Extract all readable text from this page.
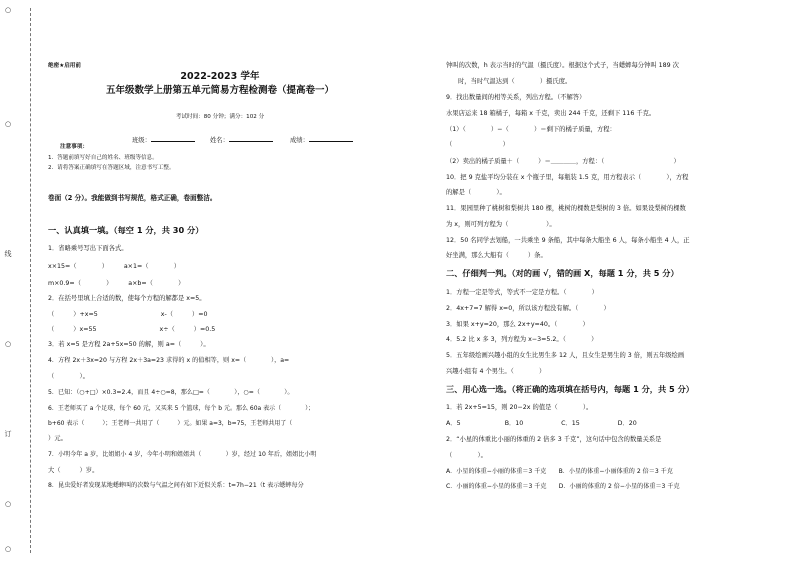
○
○
线
○
订
○
○
绝密★启用前
2022-2023 学年
五年级数学上册第五单元简易方程检测卷（提高卷一）
考试时间：80 分钟；满分：102 分
班级：	姓名：	成绩：
注意事项：
1．答题前填写好自己的姓名、班级等信息。
2．请将答案正确填写在答题区域，注意书写工整。
卷面（2 分）。我能做到书写规范，格式正确，卷面整洁。
一、认真填一填。（每空 1 分，共 30 分）
1．省略乘号写出下面各式。
x×15=（　　　　）　　　a×1=（　　　　）
m×0.9=（　　　　）　　　a×b=（　　　　）
2．在括号里填上合适的数，使每个方程的解都是 x=5。
（　　　）+x=5　　　　　　　　　　x-（　　　）=0
（　　　）x=55　　　　　　　　　　x÷（　　　）=0.5
3．若 x=5 是方程 2a+5x=50 的解，则 a=（　　　）。
4．方程 2x＋3x=20 与方程 2x＋3a=23 求得的 x 的值相等，则 x=（　　　　），a=
（　　　　）。
5．已知：（○+□）×0.3=2.4，而且 4÷○=8，那么□=（　　　　），○=（　　　　）。
6．王老师买了 a 个足球，每个 60 元，又买来 5 个篮球，每个 b 元。那么 60a 表示（　　　　）；
b+60 表示（　　　）；王老师一共用了（　　　）元。如果 a=3，b=75，王老师共用了（　　　　　
）元。
7．小明今年 a 岁，比姐姐小 4 岁，今年小明和姐姐共（　　　　）岁，经过 10 年后，姐姐比小明
大（　　　）岁。
8．昆虫爱好者发现某地蟋蟀叫的次数与气温之间有如下近似关系：t=7h−21（t 表示蟋蟀每分
钟叫的次数，h 表示当时的气温（摄氏度）。根据这个式子，当蟋蟀每分钟叫 189 次
时，当时气温达到（　　　　）摄氏度。
9．找出数量间的相等关系，列出方程。（不解答）
水果店运来 18 箱橘子，每箱 x 千克，卖出 244 千克，还剩下 116 千克。
（1）（　　　　）−（　　　　）＝剩下的橘子质量，方程：
（　　　　　　　　）
（2）卖出的橘子质量＋（　　　）＝＿＿＿＿，方程：（　　　　　　　　　　　）
10．把 9 克盐平均分装在 x 个瓶子里，每瓶装 1.5 克，用方程表示（　　　　），方程
的解是（　　　　）。
11．果园里种了桃树和梨树共 180 棵，桃树的棵数是梨树的 3 倍。如果设梨树的棵数
为 x，则可列方程为（　　　　　　）。
12．50 名同学去划船，一共乘坐 9 条船，其中每条大船坐 6 人，每条小船坐 4 人，正
好坐满，那么大船有（　　　）条。
二、仔细判一判。（对的画 √，错的画 X，每题 1 分，共 5 分）
1．方程一定是等式，等式不一定是方程。（　　　　）
2．4x+7=7 解得 x=0，所以该方程没有解。（　　　　）
3．如果 x+y=20，那么 2x+y=40。（　　　　）
4．5.2 比 x 多 3，列方程为 x−3=5.2。（　　　　）
5．五年级绘画兴趣小组的女生比男生多 12 人，且女生是男生的 3 倍，则五年级绘画
兴趣小组有 4 个男生。（　　　　）
三、用心选一选。（将正确的选项填在括号内，每题 1 分，共 5 分）
1．若 2x+5=15，则 20−2x 的值是（　　　　）。
A．5　　　　　　　B．10　　　　　　C．15　　　　　　D．20
2．“小星的体重比小丽的体重的 2 倍多 3 千克”，这句话中包含的数量关系是
（　　　　）。
A．小星的体重−小丽的体重＝3 千克　　B．小星的体重−小丽体重的 2 倍＝3 千克
C．小丽的体重−小星的体重＝3 千克　　D．小丽的体重的 2 倍−小星的体重＝3 千克
